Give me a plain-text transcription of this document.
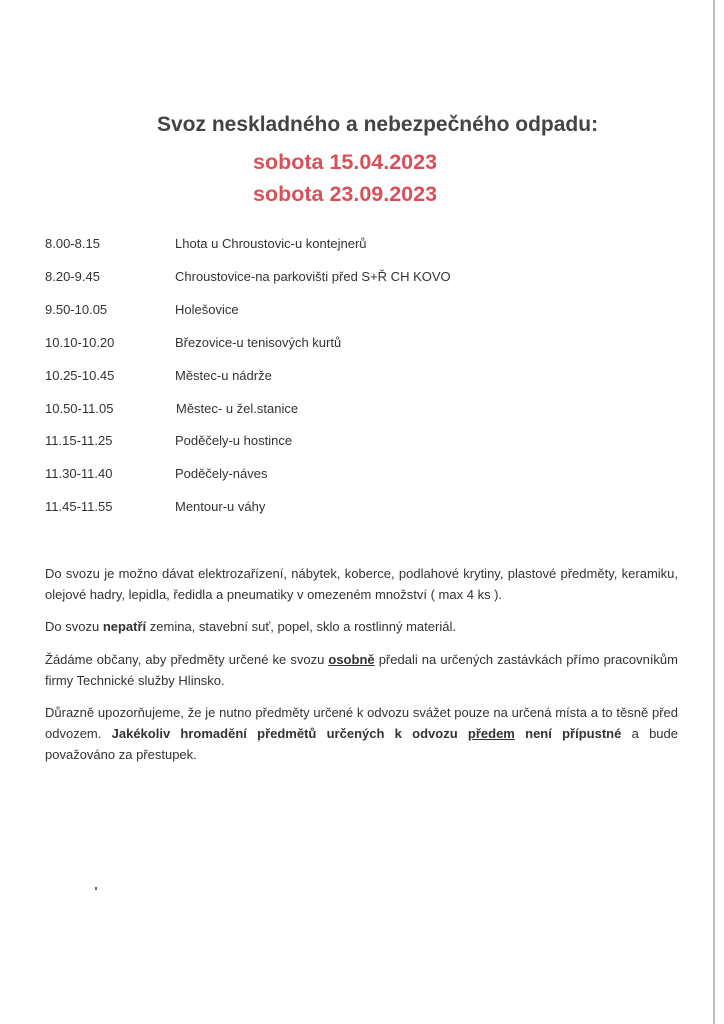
Svoz neskladného a nebezpečného odpadu:
sobota 15.04.2023
sobota 23.09.2023
8.00-8.15	Lhota u Chroustovic-u kontejnerů
8.20-9.45	Chroustovice-na parkovišti před S+Ř CH KOVO
9.50-10.05	Holešovice
10.10-10.20	Březovice-u tenisových kurtů
10.25-10.45	Městec-u nádrže
10.50-11.05	Městec- u žel.stanice
11.15-11.25	Poděčely-u hostince
11.30-11.40	Poděčely-náves
11.45-11.55	Mentour-u váhy

Do svozu je možno dávat elektrozařízení, nábytek, koberce, podlahové krytiny, plastové předměty, keramiku, olejové hadry, lepidla, ředidla a pneumatiky v omezeném množství ( max 4 ks ).

Do svozu nepatří zemina, stavební suť, popel, sklo a rostlinný materiál.

Žádáme občany, aby předměty určené ke svozu osobně předali na určených zastávkách přímo pracovníkům firmy Technické služby Hlinsko.

Důrazně upozorňujeme, že je nutno předměty určené k odvozu svážet pouze na určená místa a to těsně před odvozem. Jakékoliv hromadění předmětů určených k odvozu předem není přípustné a bude považováno za přestupek.
